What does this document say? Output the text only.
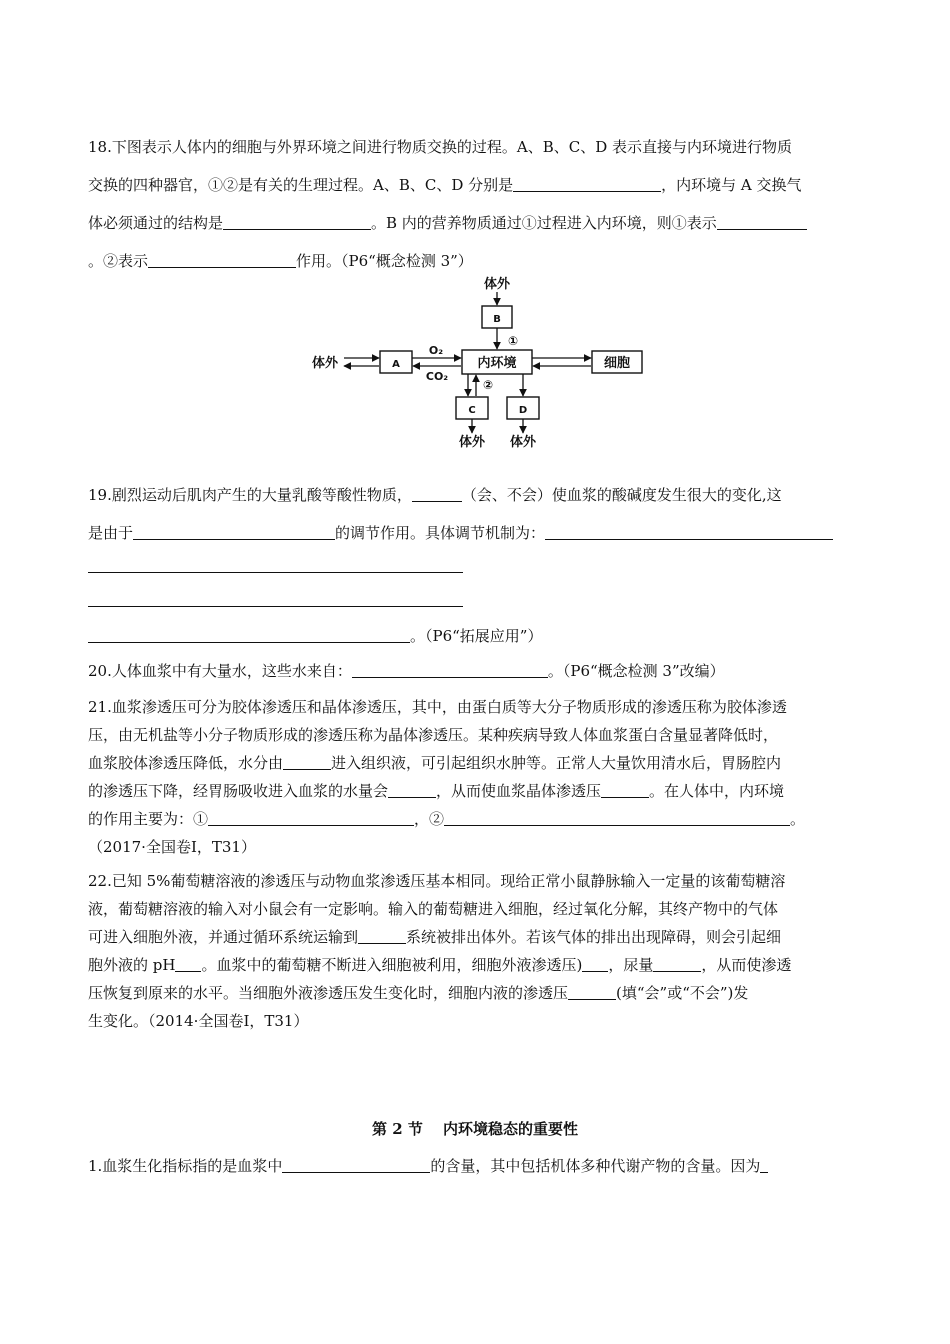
18.下图表示人体内的细胞与外界环境之间进行物质交换的过程。A、B、C、D 表示直接与内环境进行物质
交换的四种器官，①②是有关的生理过程。A、B、C、D 分别是	，内环境与 A 交换气
体必须通过的结构是	。B 内的营养物质通过①过程进入内环境，则①表示
。②表示	作用。（P6“概念检测 3”）
体外
B
①
体外	A
O₂
CO₂
内环境	细胞
②
C	D
体外 体外
19.剧烈运动后肌肉产生的大量乳酸等酸性物质，	（会、不会）使血浆的酸碱度发生很大的变化,这
是由于	的调节作用。具体调节机制为：
。（P6“拓展应用”）
20.人体血浆中有大量水，这些水来自：	。（P6“概念检测 3”改编）
21.血浆渗透压可分为胶体渗透压和晶体渗透压，其中，由蛋白质等大分子物质形成的渗透压称为胶体渗透
压，由无机盐等小分子物质形成的渗透压称为晶体渗透压。某种疾病导致人体血浆蛋白含量显著降低时，
血浆胶体渗透压降低，水分由	进入组织液，可引起组织水肿等。正常人大量饮用清水后，胃肠腔内
的渗透压下降，经胃肠吸收进入血浆的水量会	，从而使血浆晶体渗透压	。在人体中，内环境
的作用主要为：①	，②	。
（2017·全国卷Ⅰ，T31）
22.已知 5%葡萄糖溶液的渗透压与动物血浆渗透压基本相同。现给正常小鼠静脉输入一定量的该葡萄糖溶
液，葡萄糖溶液的输入对小鼠会有一定影响。输入的葡萄糖进入细胞，经过氧化分解，其终产物中的气体
可进入细胞外液，并通过循环系统运输到	系统被排出体外。若该气体的排出出现障碍，则会引起细
胞外液的 pH 。血浆中的葡萄糖不断进入细胞被利用，细胞外液渗透压) ，尿量	，从而使渗透
压恢复到原来的水平。当细胞外液渗透压发生变化时，细胞内液的渗透压	(填“会”或“不会”)发
生变化。（2014·全国卷Ⅰ，T31）
第 2 节 内环境稳态的重要性
1.血浆生化指标指的是血浆中	的含量，其中包括机体多种代谢产物的含量。因为
